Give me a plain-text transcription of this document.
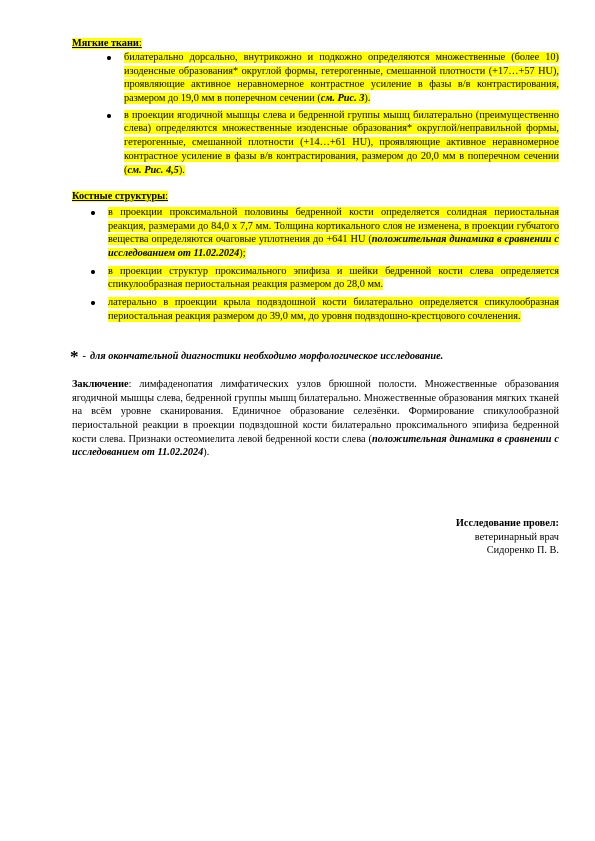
Мягкие ткани:
билатерально дорсально, внутрикожно и подкожно определяются множественные (более 10) изоденсные образования* округлой формы, гетерогенные, смешанной плотности (+17…+57 HU), проявляющие активное неравномерное контрастное усиление в фазы в/в контрастирования, размером до 19,0 мм в поперечном сечении (см. Рис. 3).
в проекции ягодичной мышцы слева и бедренной группы мышц билатерально (преимущественно слева) определяются множественные изоденсные образования* округлой/неправильной формы, гетерогенные, смешанной плотности (+14…+61 HU), проявляющие активное неравномерное контрастное усиление в фазы в/в контрастирования, размером до 20,0 мм в поперечном сечении (см. Рис. 4,5).
Костные структуры:
в проекции проксимальной половины бедренной кости определяется солидная периостальная реакция, размерами до 84,0 х 7,7 мм. Толщина кортикального слоя не изменена, в проекции губчатого вещества определяются очаговые уплотнения до +641 HU (положительная динамика в сравнении с исследованием от 11.02.2024);
в проекции структур проксимального эпифиза и шейки бедренной кости слева определяется спикулообразная периостальная реакция размером до 28,0 мм.
латерально в проекции крыла подвздошной кости билатерально определяется спикулообразная периостальная реакция размером до 39,0 мм, до уровня подвздошно-крестцового сочленения.
* - для окончательной диагностики необходимо морфологическое исследование.
Заключение: лимфаденопатия лимфатических узлов брюшной полости. Множественные образования ягодичной мышцы слева, бедренной группы мышц билатерально. Множественные образования мягких тканей на всём уровне сканирования. Единичное образование селезёнки. Формирование спикулообразной периостальной реакции в проекции подвздошной кости билатерально проксимального эпифиза бедренной кости слева. Признаки остеомиелита левой бедренной кости слева (положительная динамика в сравнении с исследованием от 11.02.2024).
Исследование провел:
ветеринарный врач
Сидоренко П. В.
